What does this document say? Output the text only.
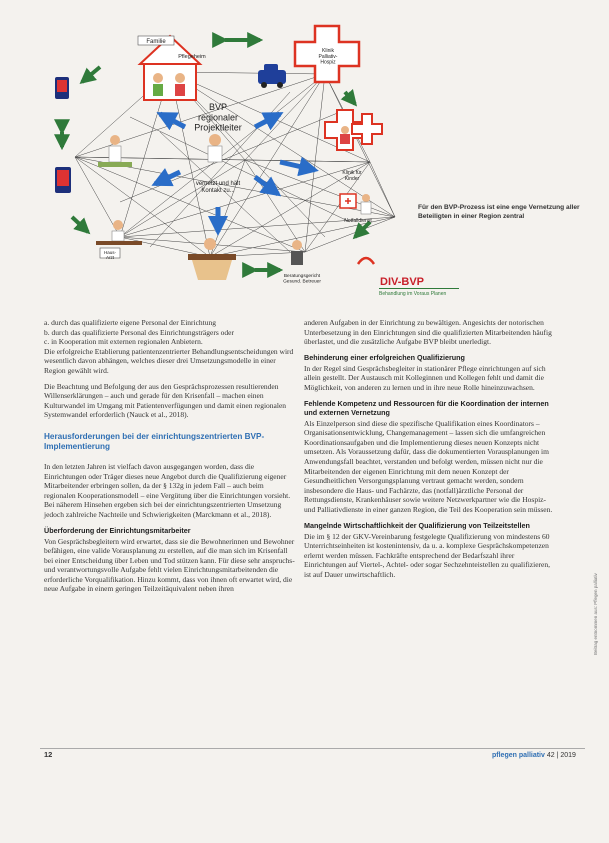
Familie
Pflegeheim
Klinik Palliativ-Hospiz
BVP regionaler Projektleiter
vernetzt und hält Kontakt zu...
Klinik für Kinder
Notfalldienst
Haus-Arzt
Beratungsgericht Gesund. Betreuer	DIV-BVP
Behandlung im Voraus Planen
Für den BVP-Prozess ist eine enge Vernetzung aller Beteiligten in einer Region zentral
a. durch das qualifizierte eigene Personal der Einrichtung
b. durch das qualifizierte Personal des Einrichtungsträgers oder
c. in Kooperation mit externen regionalen Anbietern.

Die erfolgreiche Etablierung patientenzentrierter Behandlungsentscheidungen wird wesentlich davon abhängen, welches dieser drei Umsetzungsmodelle in einer Region gewählt wird.

Die Beachtung und Befolgung der aus den Gesprächsprozessen resultierenden Willenserklärungen – auch und gerade für den Krisenfall – machen einen Kulturwandel im Umgang mit Patientenverfügungen und damit einen regionalen Systemwandel erforderlich (Nauck et al., 2018).

Herausforderungen bei der einrichtungszentrierten BVP-Implementierung

In den letzten Jahren ist vielfach davon ausgegangen worden, dass die Einrichtungen oder Träger dieses neue Angebot durch die Qualifizierung eigener Mitarbeitender erbringen sollen, da der § 132g in jedem Fall – auch beim regionalen Kooperationsmodell – eine Vergütung über die Einrichtungen vorsieht. Bei näherem Hinsehen ergeben sich bei der einrichtungszentrierten Umsetzung jedoch zahlreiche Nachteile und Schwierigkeiten (Marckmann et al., 2018).

Überforderung der Einrichtungsmitarbeiter

Von Gesprächsbegleitern wird erwartet, dass sie die Bewohnerinnen und Bewohner befähigen, eine valide Vorausplanung zu erstellen, auf die man sich im Krisenfall bei einer Entscheidung über Leben und Tod stützen kann. Für diese sehr anspruchs- und verantwortungsvolle Aufgabe fehlt vielen Einrichtungsmitarbeitenden die erforderliche Vorqualifikation. Hinzu kommt, dass von ihnen oft erwartet wird, die neue Aufgabe in einem geringen Teilzeitäquivalent neben ihren

anderen Aufgaben in der Einrichtung zu bewältigen. Angesichts der notorischen Unterbesetzung in den Einrichtungen sind die qualifizierten Mitarbeitenden häufig überlastet, und die zusätzliche Aufgabe BVP bleibt unerledigt.

Behinderung einer erfolgreichen Qualifizierung

In der Regel sind Gesprächsbegleiter in stationärer Pflege einrichtungen auf sich allein gestellt. Der Austausch mit Kolleginnen und Kollegen fehlt und damit die Möglichkeit, von anderen zu lernen und in ihre neue Rolle hineinzuwachsen.

Fehlende Kompetenz und Ressourcen für die Koordination der internen und externen Vernetzung

Als Einzelperson sind diese die spezifische Qualifikation eines Koordinators – Organisationsentwicklung, Changemanagement – lassen sich die umfangreichen Koordinationsaufgaben und die Implementierung dieses neuen Konzepts nicht umsetzen. Als Voraussetzung dafür, dass die dokumentierten Vorausplanungen im Anwendungsfall beachtet, verstanden und befolgt werden, müssen nicht nur die Mitarbeitenden der eigenen Einrichtung mit dem neuen Konzept der Gesundheitlichen Versorgungsplanung vertraut gemacht werden, sondern insbesondere die Haus- und Fachärzte, das (notfall)ärztliche Personal der Rettungsdienste, Krankenhäuser sowie weitere Netzwerkpartner wie die Hospiz- und Palliativdienste in einer ganzen Region, die Teil des Kooperation sein müssen.

Mangelnde Wirtschaftlichkeit der Qualifizierung von Teilzeitstellen

Die im § 12 der GKV-Vereinbarung festgelegte Qualifizierung von mindestens 60 Unterrichtseinheiten ist kostenintensiv, da u. a. komplexe Gesprächskompetenzen erlernt werden müssen. Fachkräfte entsprechend der Bedarfszahl ihrer Einrichtungen auf Viertel-, Achtel- oder sogar Sechzehnteistellen zu qualifizieren, ist auf Dauer unwirtschaftlich.	Beitrag entnommen aus: Pflegen palliativ
12	pflegen palliativ 42 | 2019
